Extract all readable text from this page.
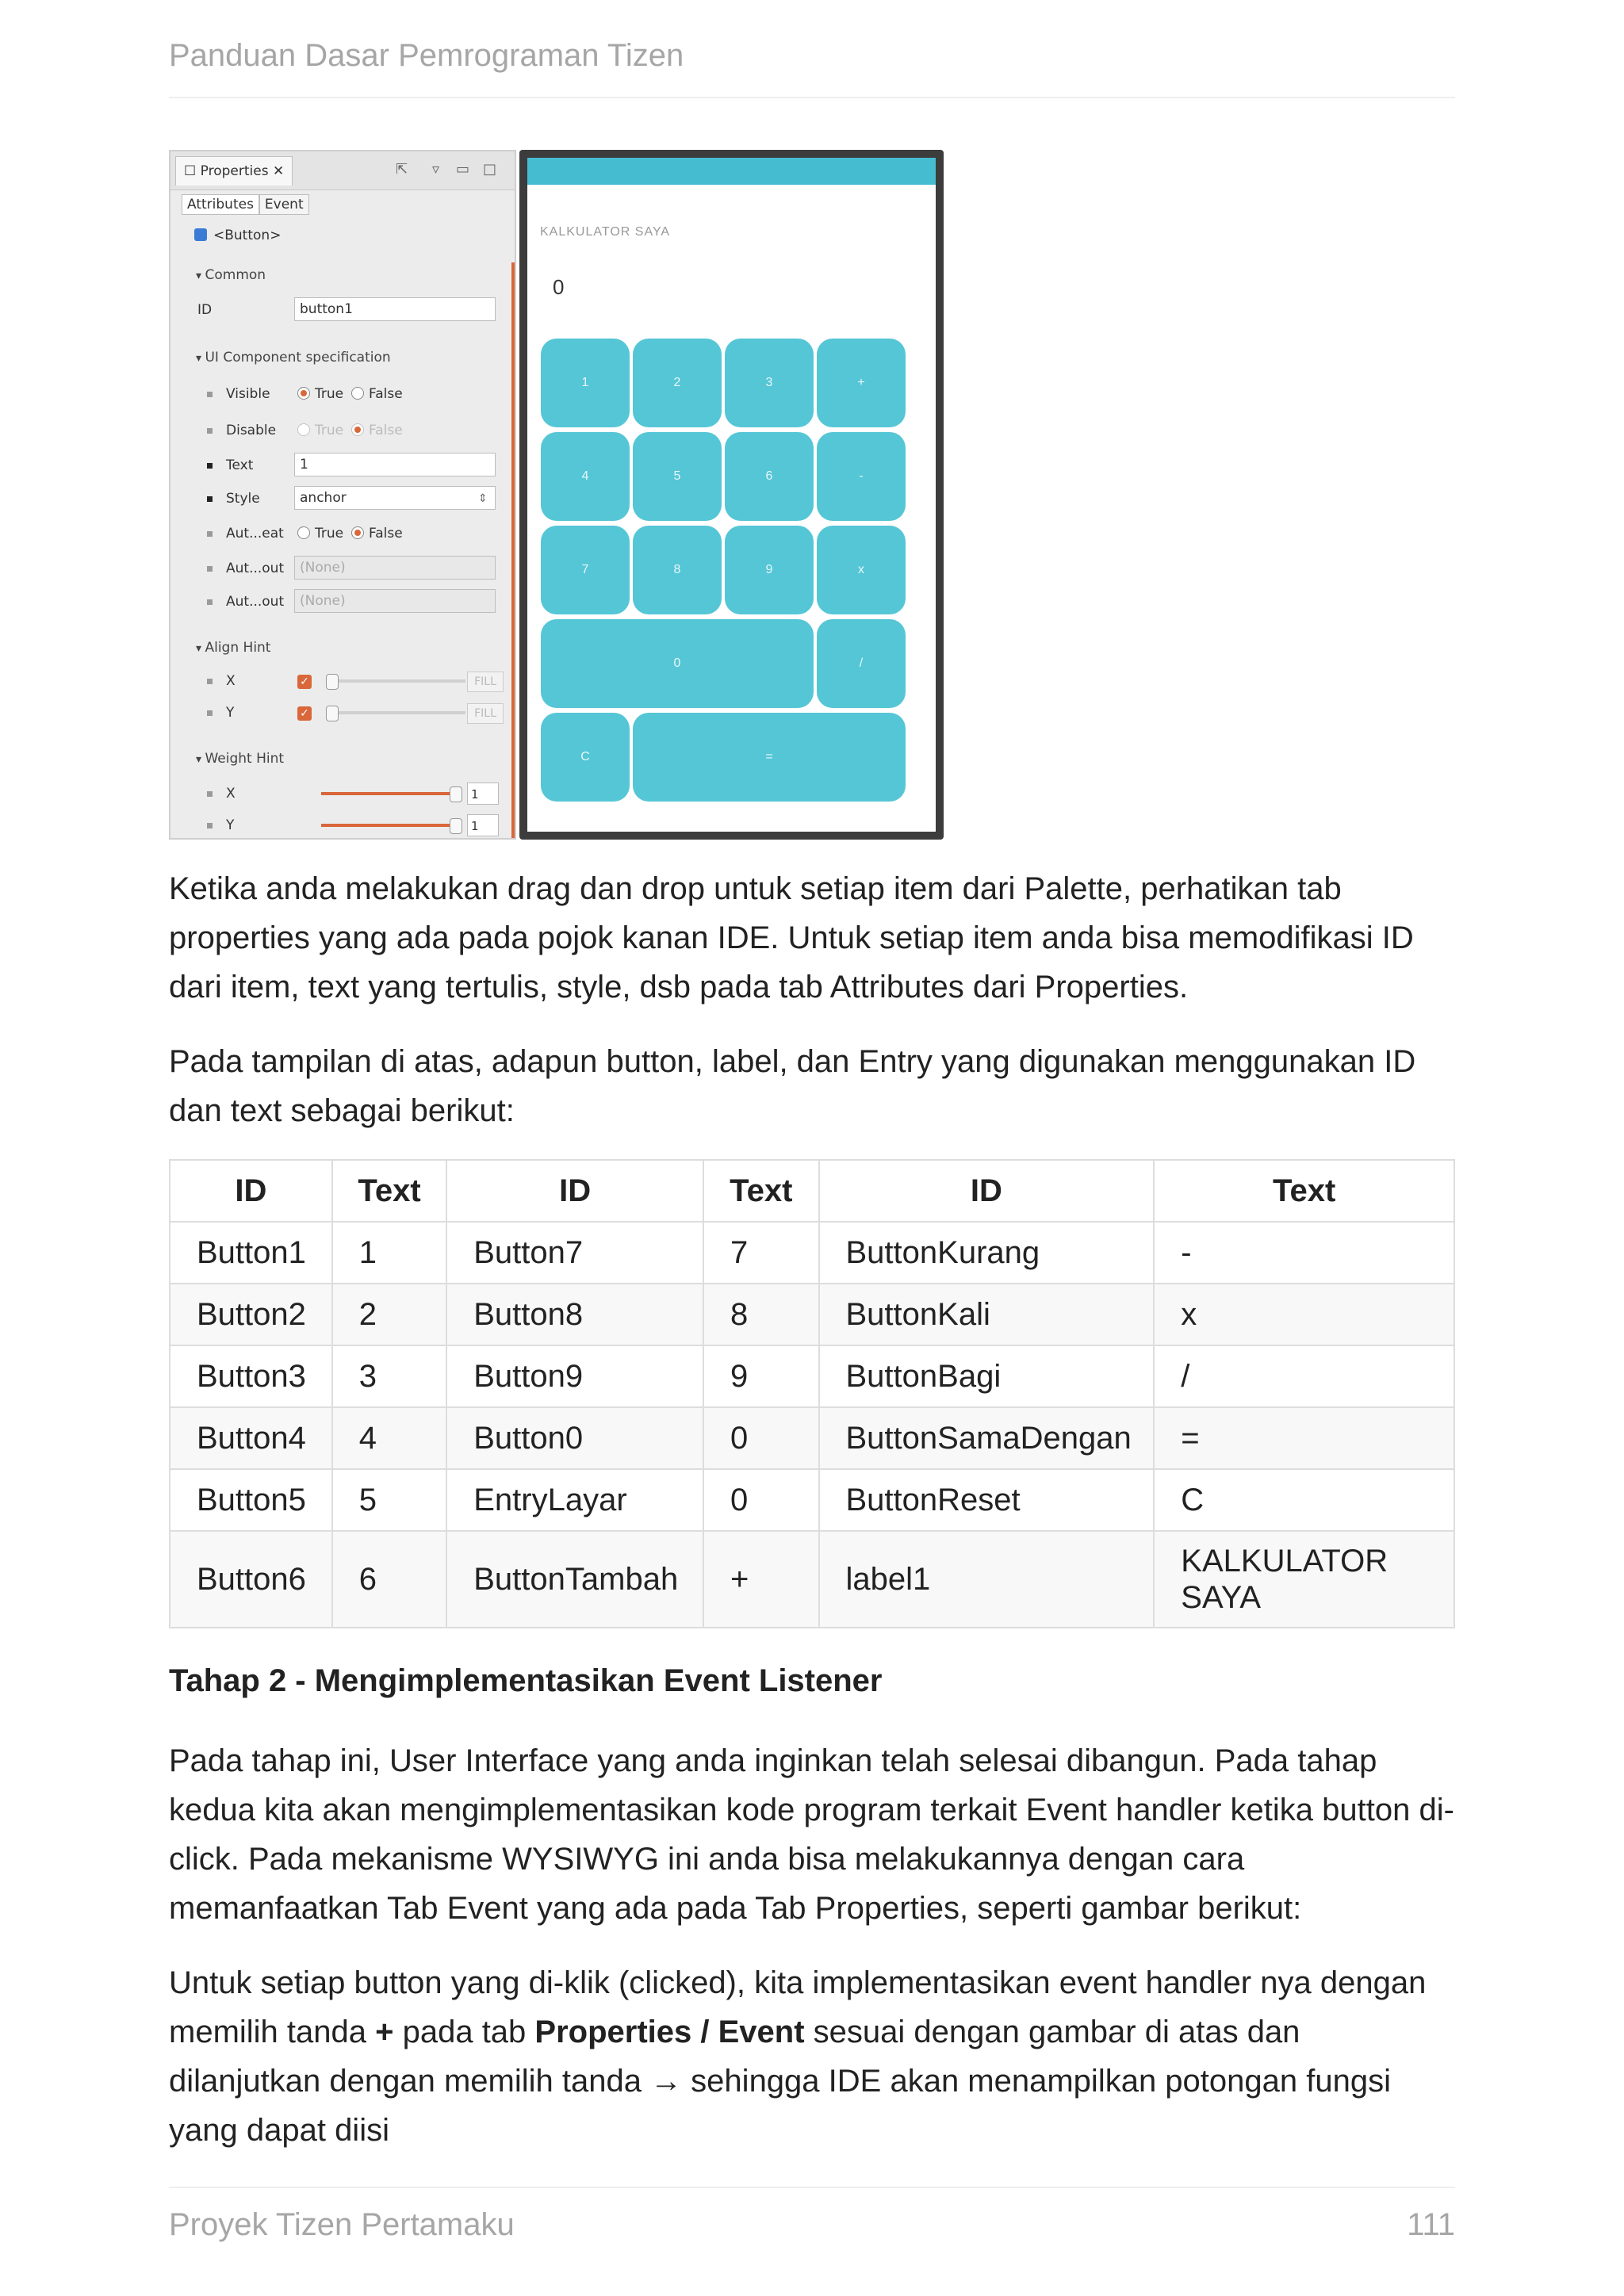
Panduan Dasar Pemrograman Tizen
☐ Properties ✕	⇱ ▿ ▭ □
Attributes Event
<Button>
▾ Common
ID	button1
▾ UI Component specification
Visible	True False
Disable	True False
Text	1
Style	anchor	⇕
Aut...eat True False
Aut...out	(None)
Aut...out	(None)
▾ Align Hint
X	✓	FILL
Y	✓	FILL
▾ Weight Hint
X	1
Y	1
KALKULATOR SAYA
0
1	2	3	+
4	5	6	-
7	8	9	x
0	/
C	=
Ketika anda melakukan drag dan drop untuk setiap item dari Palette, perhatikan tab properties yang ada pada pojok kanan IDE. Untuk setiap item anda bisa memodifikasi ID dari item, text yang tertulis, style, dsb pada tab Attributes dari Properties.
Pada tampilan di atas, adapun button, label, dan Entry yang digunakan menggunakan ID dan text sebagai berikut:
ID	Text	ID	Text	ID	Text
Button1	1	Button7	7	ButtonKurang	-
Button2	2	Button8	8	ButtonKali	x
Button3	3	Button9	9	ButtonBagi	/
Button4	4	Button0	0	ButtonSamaDengan	=
Button5	5	EntryLayar	0	ButtonReset	C
Button6	6	ButtonTambah	+	label1	KALKULATOR SAYA
Tahap 2 - Mengimplementasikan Event Listener
Pada tahap ini, User Interface yang anda inginkan telah selesai dibangun. Pada tahap kedua kita akan mengimplementasikan kode program terkait Event handler ketika button di-click. Pada mekanisme WYSIWYG ini anda bisa melakukannya dengan cara memanfaatkan Tab Event yang ada pada Tab Properties, seperti gambar berikut:
Untuk setiap button yang di-klik (clicked), kita implementasikan event handler nya dengan memilih tanda + pada tab Properties / Event sesuai dengan gambar di atas dan dilanjutkan dengan memilih tanda → sehingga IDE akan menampilkan potongan fungsi yang dapat diisi
Proyek Tizen Pertamaku	111
